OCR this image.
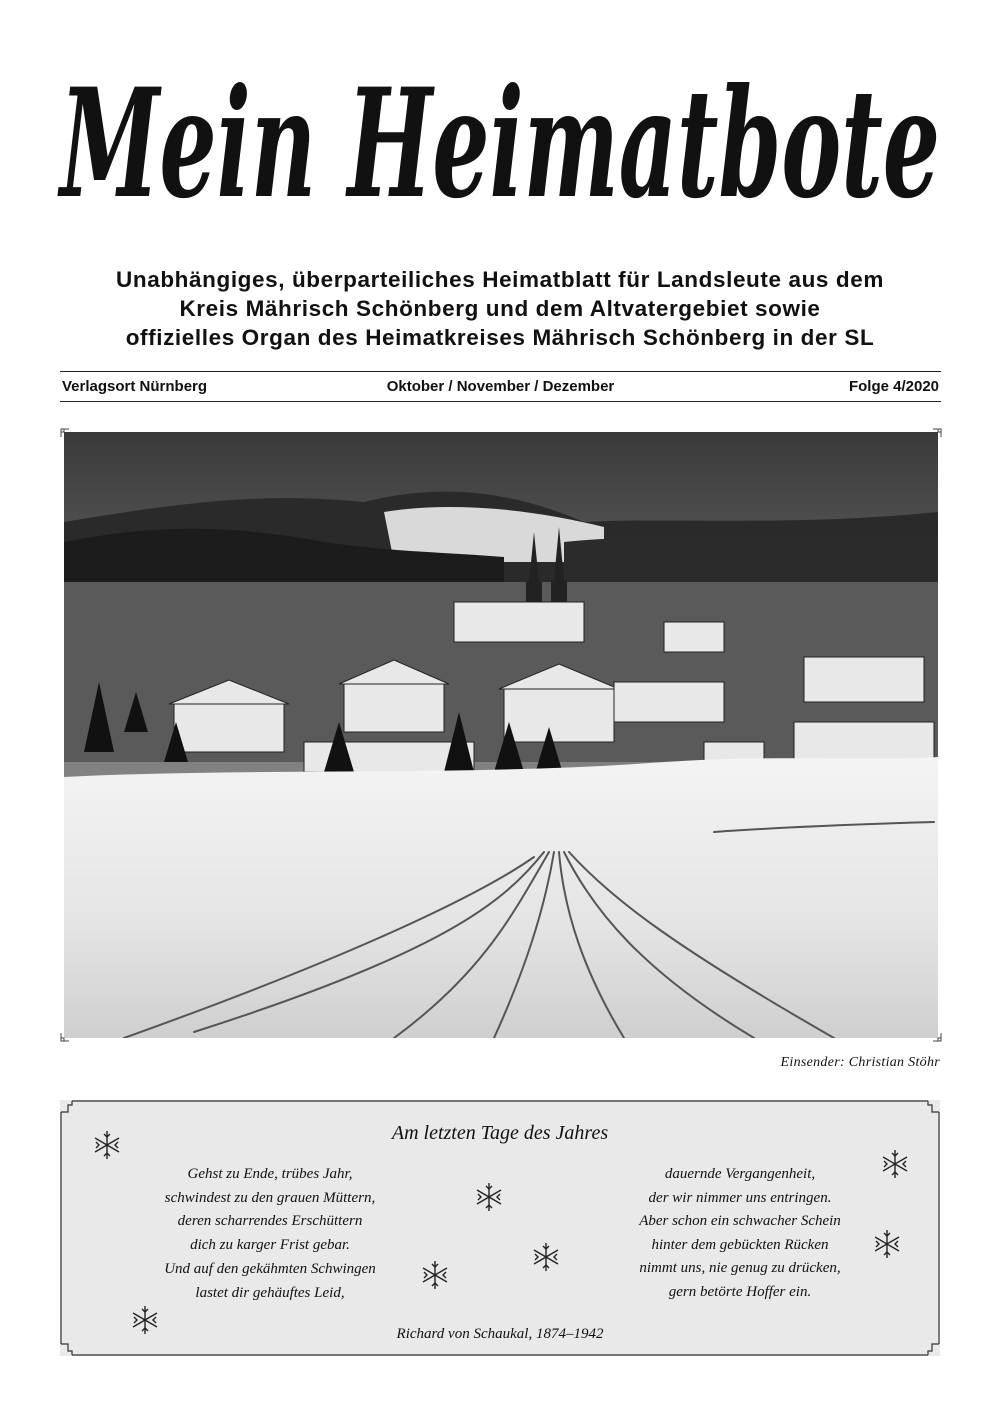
Mein Heimatbote
Unabhängiges, überparteiliches Heimatblatt für Landsleute aus dem
Kreis Mährisch Schönberg und dem Altvatergebiet sowie
offizielles Organ des Heimatkreises Mährisch Schönberg in der SL
Verlagsort Nürnberg	Oktober / November / Dezember	Folge 4/2020
Einsender: Christian Stöhr
Am letzten Tage des Jahres
Gehst zu Ende, trübes Jahr,
schwindest zu den grauen Müttern,
deren scharrendes Erschüttern
dich zu karger Frist gebar.
Und auf den gekähmten Schwingen
lastet dir gehäuftes Leid,
dauernde Vergangenheit,
der wir nimmer uns entringen.
Aber schon ein schwacher Schein
hinter dem gebückten Rücken
nimmt uns, nie genug zu drücken,
gern betörte Hoffer ein.
Richard von Schaukal, 1874–1942
